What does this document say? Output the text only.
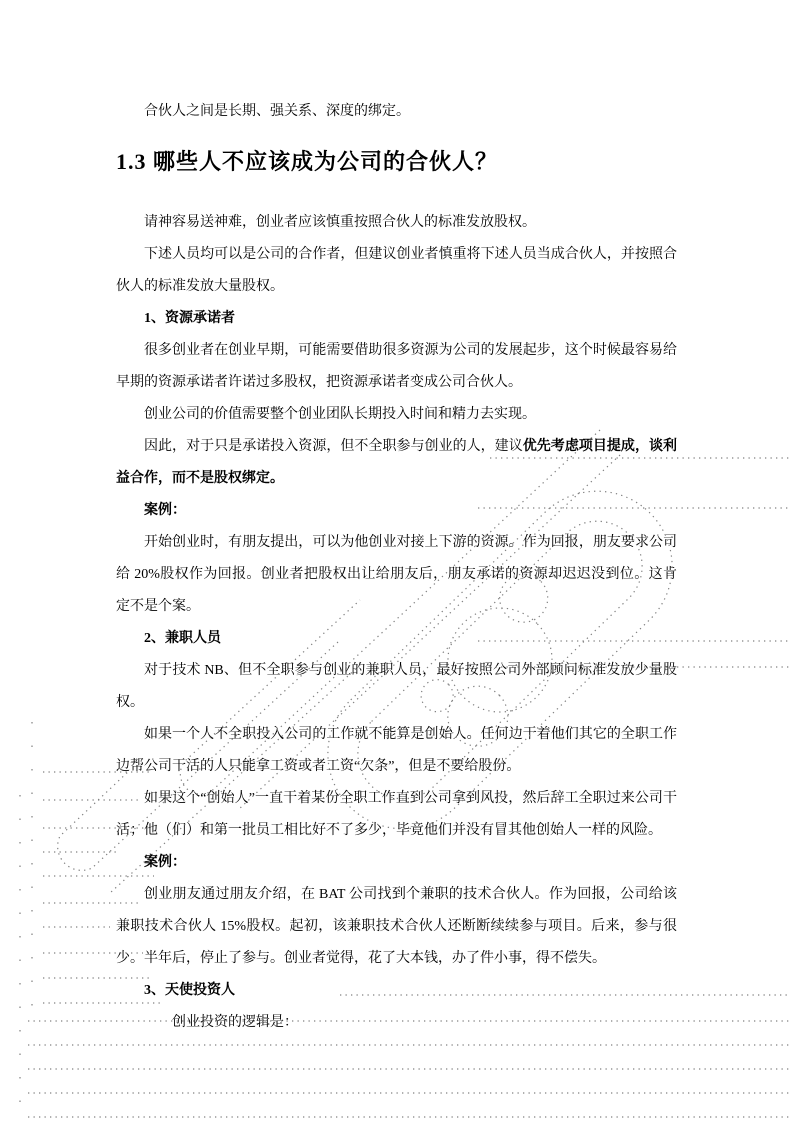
合伙人之间是长期、强关系、深度的绑定。

1.3 哪些人不应该成为公司的合伙人？

请神容易送神难，创业者应该慎重按照合伙人的标准发放股权。

下述人员均可以是公司的合作者，但建议创业者慎重将下述人员当成合伙人，并按照合伙人的标准发放大量股权。

1、资源承诺者

很多创业者在创业早期，可能需要借助很多资源为公司的发展起步，这个时候最容易给早期的资源承诺者许诺过多股权，把资源承诺者变成公司合伙人。

创业公司的价值需要整个创业团队长期投入时间和精力去实现。

因此，对于只是承诺投入资源，但不全职参与创业的人，建议优先考虑项目提成，谈利益合作，而不是股权绑定。

案例：

开始创业时，有朋友提出，可以为他创业对接上下游的资源。作为回报，朋友要求公司给 20%股权作为回报。创业者把股权出让给朋友后，朋友承诺的资源却迟迟没到位。这肯定不是个案。

2、兼职人员

对于技术 NB、但不全职参与创业的兼职人员，最好按照公司外部顾问标准发放少量股权。

如果一个人不全职投入公司的工作就不能算是创始人。任何边干着他们其它的全职工作边帮公司干活的人只能拿工资或者工资“欠条”，但是不要给股份。

如果这个“创始人”一直干着某份全职工作直到公司拿到风投，然后辞工全职过来公司干活；他（们）和第一批员工相比好不了多少，毕竟他们并没有冒其他创始人一样的风险。

案例：

创业朋友通过朋友介绍，在 BAT 公司找到个兼职的技术合伙人。作为回报，公司给该兼职技术合伙人 15%股权。起初，该兼职技术合伙人还断断续续参与项目。后来，参与很少。半年后，停止了参与。创业者觉得，花了大本钱，办了件小事，得不偿失。

3、天使投资人

创业投资的逻辑是：
